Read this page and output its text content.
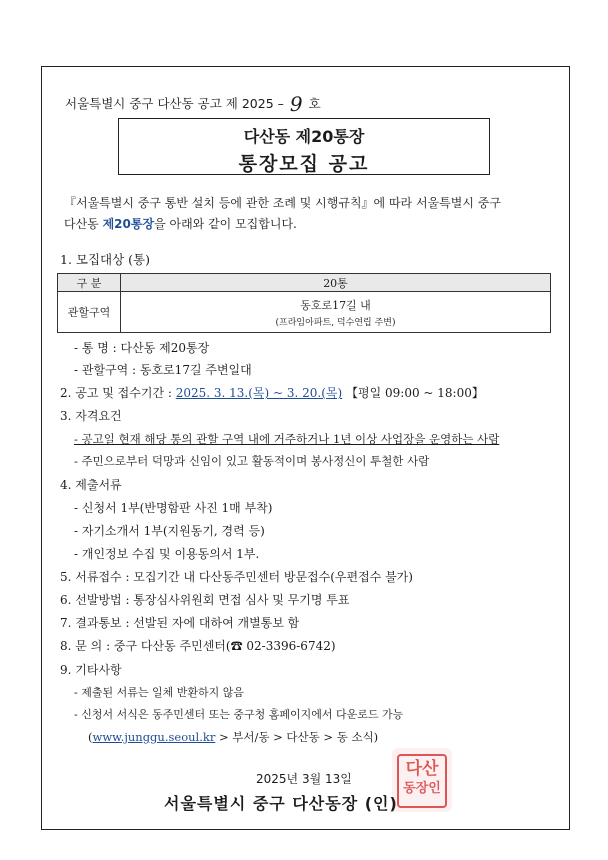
서울특별시 중구 다산동 공고 제 2025 – 9 호
다산동 제20통장
통장모집 공고
『서울특별시 중구 통반 설치 등에 관한 조례 및 시행규칙』에 따라 서울특별시 중구
다산동 제20통장을 아래와 같이 모집합니다.
1. 모집대상 (통)
구 분	20통
관할구역	동호로17길 내
(프라임아파트, 덕수연립 주변)
- 통 명 : 다산동 제20통장
- 관할구역 : 동호로17길 주변일대
2. 공고 및 접수기간 : 2025. 3. 13.(목) ~ 3. 20.(목) 【평일 09:00 ~ 18:00】
3. 자격요건
- 공고일 현재 해당 통의 관할 구역 내에 거주하거나 1년 이상 사업장을 운영하는 사람
- 주민으로부터 덕망과 신임이 있고 활동적이며 봉사정신이 투철한 사람
4. 제출서류
- 신청서 1부(반명함판 사진 1매 부착)
- 자기소개서 1부(지원동기, 경력 등)
- 개인정보 수집 및 이용동의서 1부.
5. 서류접수 : 모집기간 내 다산동주민센터 방문접수(우편접수 불가)
6. 선발방법 : 통장심사위원회 면접 심사 및 무기명 투표
7. 결과통보 : 선발된 자에 대하여 개별통보 함
8. 문 의 : 중구 다산동 주민센터(☎ 02-3396-6742)
9. 기타사항
- 제출된 서류는 일체 반환하지 않음
- 신청서 서식은 동주민센터 또는 중구청 홈페이지에서 다운로드 가능
(www.junggu.seoul.kr > 부서/동 > 다산동 > 동 소식)
2025년 3월 13일	다산
동장인
서울특별시 중구 다산동장 (인)
